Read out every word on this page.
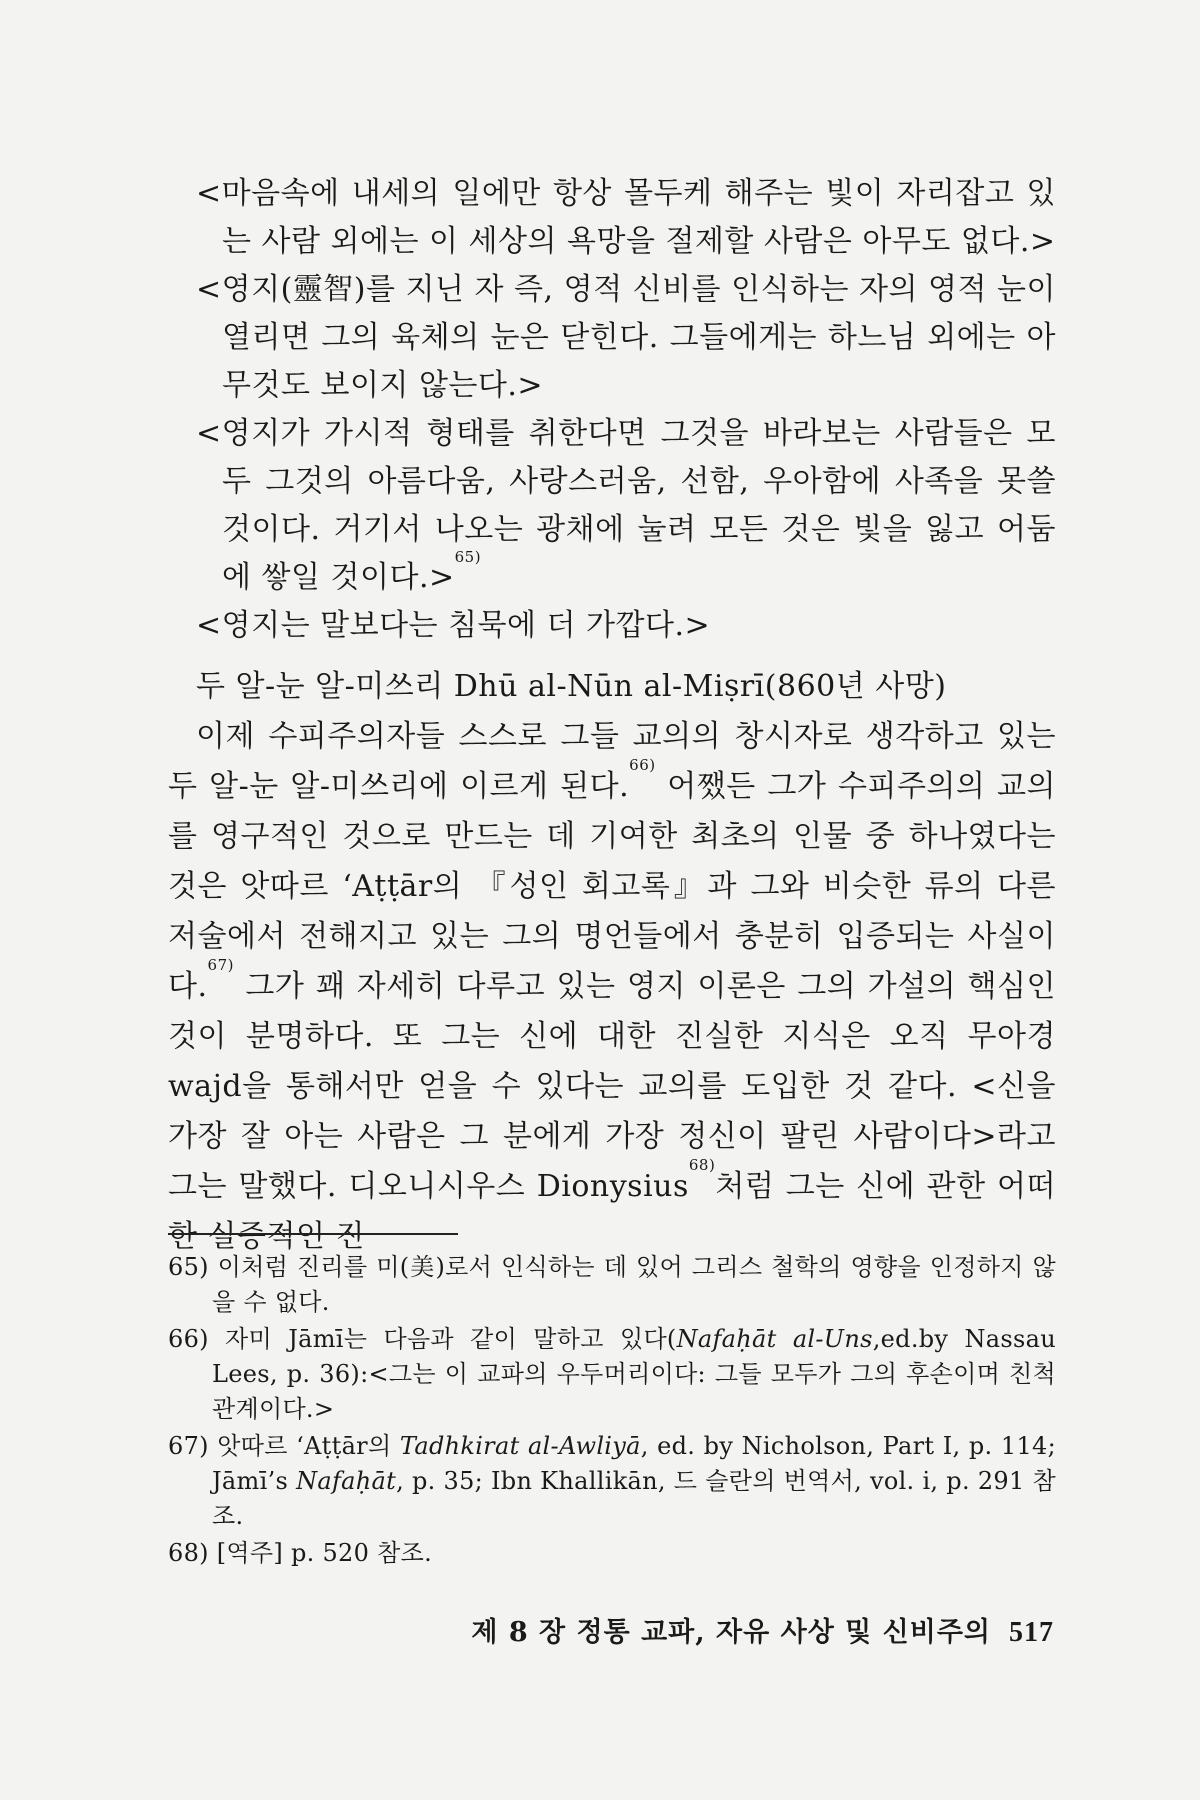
<마음속에 내세의 일에만 항상 몰두케 해주는 빛이 자리잡고 있는 사람 외에는 이 세상의 욕망을 절제할 사람은 아무도 없다.>

<영지(靈智)를 지닌 자 즉, 영적 신비를 인식하는 자의 영적 눈이 열리면 그의 육체의 눈은 닫힌다. 그들에게는 하느님 외에는 아무것도 보이지 않는다.>

<영지가 가시적 형태를 취한다면 그것을 바라보는 사람들은 모두 그것의 아름다움, 사랑스러움, 선함, 우아함에 사족을 못쓸 것이다. 거기서 나오는 광채에 눌려 모든 것은 빛을 잃고 어둠에 쌓일 것이다.>$^{65)}$

<영지는 말보다는 침묵에 더 가깝다.>

두 알-눈 알-미쓰리 Dhū al-Nūn al-Miṣrī(860년 사망)

이제 수피주의자들 스스로 그들 교의의 창시자로 생각하고 있는 두 알-눈 알-미쓰리에 이르게 된다.$^{66)}$ 어쨌든 그가 수피주의의 교의를 영구적인 것으로 만드는 데 기여한 최초의 인물 중 하나였다는 것은 앗따르 ‘Aṭṭār의 『성인 회고록』과 그와 비슷한 류의 다른 저술에서 전해지고 있는 그의 명언들에서 충분히 입증되는 사실이다.$^{67)}$ 그가 꽤 자세히 다루고 있는 영지 이론은 그의 가설의 핵심인 것이 분명하다. 또 그는 신에 대한 진실한 지식은 오직 무아경 wajd을 통해서만 얻을 수 있다는 교의를 도입한 것 같다. <신을 가장 잘 아는 사람은 그 분에게 가장 정신이 팔린 사람이다>라고 그는 말했다. 디오니시우스 Dionysius$^{68)}$처럼 그는 신에 관한 어떠한 실증적인 진

65) 이처럼 진리를 미(美)로서 인식하는 데 있어 그리스 철학의 영향을 인정하지 않을 수 없다.

66) 자미 Jāmī는 다음과 같이 말하고 있다(Nafaḥāt al-Uns,ed.by Nassau Lees, p. 36):<그는 이 교파의 우두머리이다: 그들 모두가 그의 후손이며 친척관계이다.>

67) 앗따르 ‘Aṭṭār의 Tadhkirat al-Awliyā, ed. by Nicholson, Part I, p. 114; Jāmī’s Nafaḥāt, p. 35; Ibn Khallikān, 드 슬란의 번역서, vol. i, p. 291 참조.

68) [역주] p. 520 참조.

제 8 장 정통 교파, 자유 사상 및 신비주의 517
